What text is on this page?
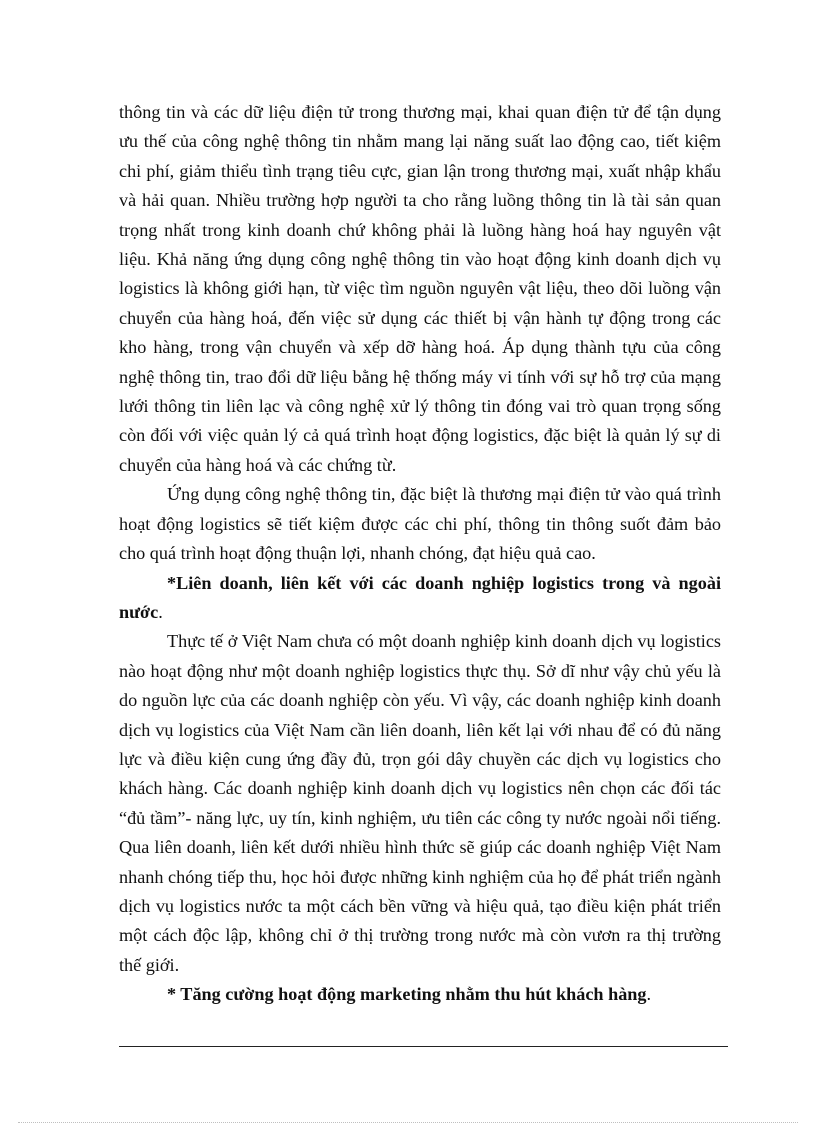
thông tin và các dữ liệu điện tử trong thương mại, khai quan điện tử để tận dụng ưu thế của công nghệ thông tin nhằm mang lại năng suất lao động cao, tiết kiệm chi phí, giảm thiểu tình trạng tiêu cực, gian lận trong thương mại, xuất nhập khẩu và hải quan. Nhiều trường hợp người ta cho rằng luồng thông tin là tài sản quan trọng nhất trong kinh doanh chứ không phải là luồng hàng hoá hay nguyên vật liệu. Khả năng ứng dụng công nghệ thông tin vào hoạt động kinh doanh dịch vụ logistics là không giới hạn, từ việc tìm nguồn nguyên vật liệu, theo dõi luồng vận chuyển của hàng hoá, đến việc sử dụng các thiết bị vận hành tự động trong các kho hàng, trong vận chuyển và xếp dỡ hàng hoá. Áp dụng thành tựu của công nghệ thông tin, trao đổi dữ liệu bằng hệ thống máy vi tính với sự hỗ trợ của mạng lưới thông tin liên lạc và công nghệ xử lý thông tin đóng vai trò quan trọng sống còn đối với việc quản lý cả quá trình hoạt động logistics, đặc biệt là quản lý sự di chuyển của hàng hoá và các chứng từ.

Ứng dụng công nghệ thông tin, đặc biệt là thương mại điện tử vào quá trình hoạt động logistics sẽ tiết kiệm được các chi phí, thông tin thông suốt đảm bảo cho quá trình hoạt động thuận lợi, nhanh chóng, đạt hiệu quả cao.

*Liên doanh, liên kết với các doanh nghiệp logistics trong và ngoài nước.

Thực tế ở Việt Nam chưa có một doanh nghiệp kinh doanh dịch vụ logistics nào hoạt động như một doanh nghiệp logistics thực thụ. Sở dĩ như vậy chủ yếu là do nguồn lực của các doanh nghiệp còn yếu. Vì vậy, các doanh nghiệp kinh doanh dịch vụ logistics của Việt Nam cần liên doanh, liên kết lại với nhau để có đủ năng lực và điều kiện cung ứng đầy đủ, trọn gói dây chuyền các dịch vụ logistics cho khách hàng. Các doanh nghiệp kinh doanh dịch vụ logistics nên chọn các đối tác “đủ tầm”- năng lực, uy tín, kinh nghiệm, ưu tiên các công ty nước ngoài nổi tiếng. Qua liên doanh, liên kết dưới nhiều hình thức sẽ giúp các doanh nghiệp Việt Nam nhanh chóng tiếp thu, học hỏi được những kinh nghiệm của họ để phát triển ngành dịch vụ logistics nước ta một cách bền vững và hiệu quả, tạo điều kiện phát triển một cách độc lập, không chỉ ở thị trường trong nước mà còn vươn ra thị trường thế giới.

* Tăng cường hoạt động marketing nhằm thu hút khách hàng.
